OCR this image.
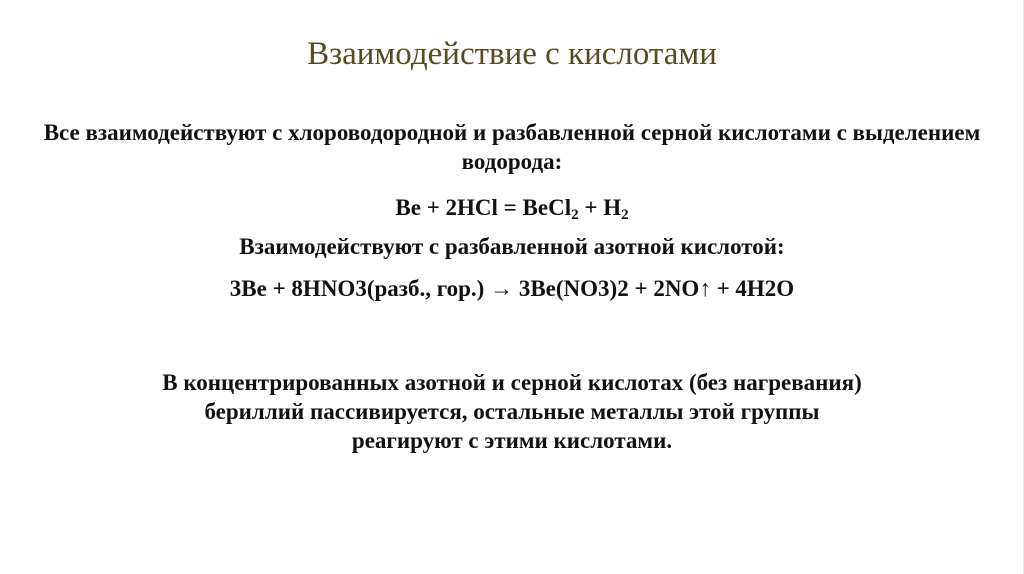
Взаимодействие с кислотами
Все взаимодействуют с хлороводородной и разбавленной серной кислотами с выделением водорода:
Be + 2HCl = BeCl$_2$ + $H_2$
Взаимодействуют с разбавленной азотной кислотой:
3Be + 8HNO3(разб., гор.) → 3Be(NO3)2 + 2NO↑ + 4H2O
В концентрированных азотной и серной кислотах (без нагревания)
бериллий пассивируется, остальные металлы этой группы
реагируют с этими кислотами.
